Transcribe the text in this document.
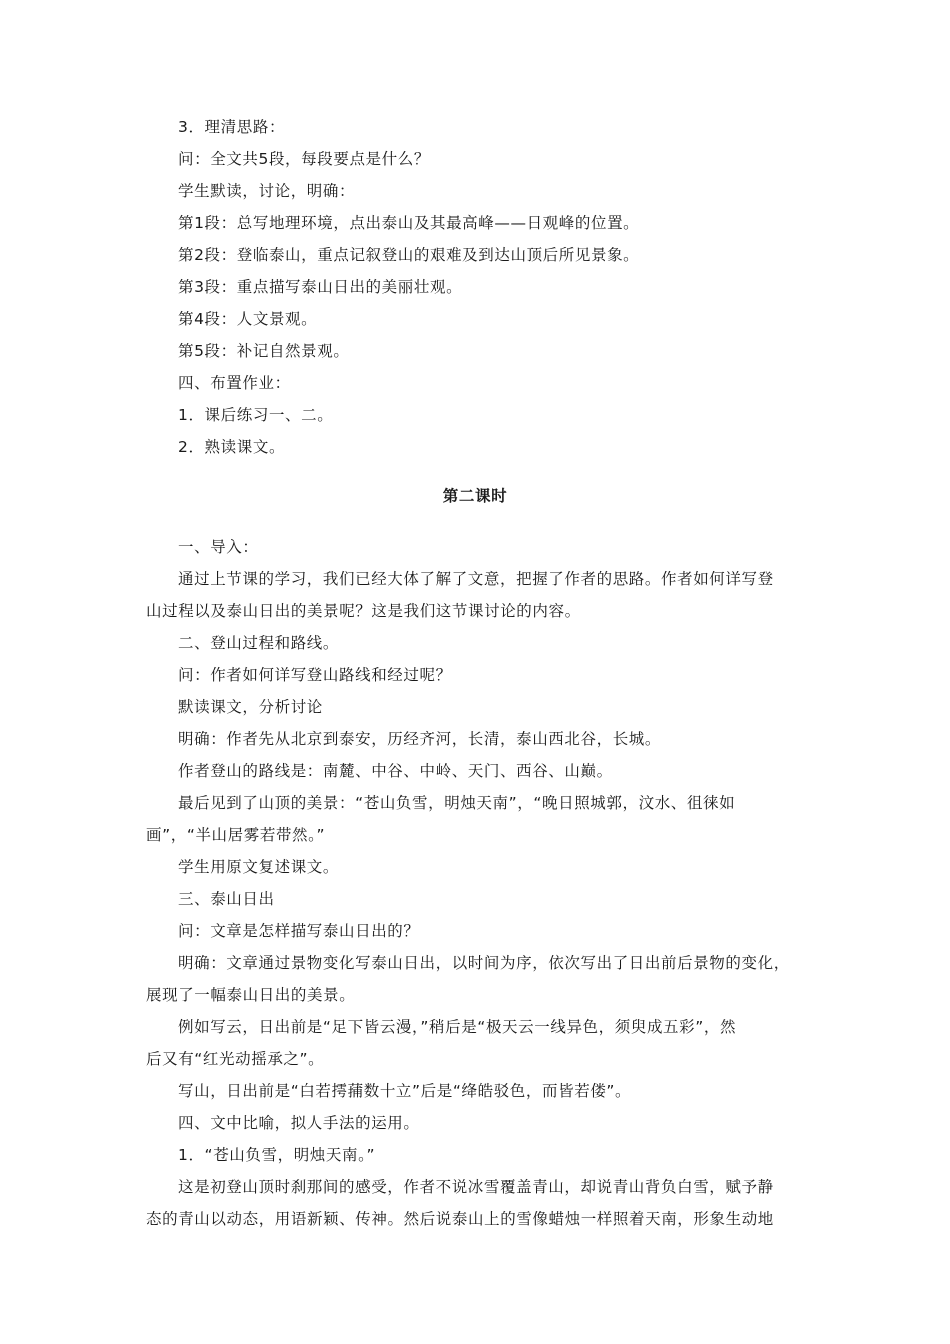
3．理清思路：
问：全文共5段，每段要点是什么？
学生默读，讨论，明确：
第1段：总写地理环境，点出泰山及其最高峰——日观峰的位置。
第2段：登临泰山，重点记叙登山的艰难及到达山顶后所见景象。
第3段：重点描写泰山日出的美丽壮观。
第4段：人文景观。
第5段：补记自然景观。
四、布置作业：
1．课后练习一、二。
2．熟读课文。
第二课时
一、导入：
通过上节课的学习，我们已经大体了解了文意，把握了作者的思路。作者如何详写登
山过程以及泰山日出的美景呢？这是我们这节课讨论的内容。
二、登山过程和路线。
问：作者如何详写登山路线和经过呢？
默读课文，分析讨论
明确：作者先从北京到泰安，历经齐河，长清，泰山西北谷，长城。
作者登山的路线是：南麓、中谷、中岭、天门、西谷、山巅。
最后见到了山顶的美景：“苍山负雪，明烛天南”，“晚日照城郭，汶水、徂徕如
画”，“半山居雾若带然。”
学生用原文复述课文。
三、泰山日出
问：文章是怎样描写泰山日出的？
明确：文章通过景物变化写泰山日出，以时间为序，依次写出了日出前后景物的变化，
展现了一幅泰山日出的美景。
例如写云，日出前是“足下皆云漫，”稍后是“极天云一线异色，须臾成五彩”，然
后又有“红光动摇承之”。
写山，日出前是“白若摴蒱数十立”后是“绛皓驳色，而皆若偻”。
四、文中比喻，拟人手法的运用。
1．“苍山负雪，明烛天南。”
这是初登山顶时刹那间的感受，作者不说冰雪覆盖青山，却说青山背负白雪，赋予静
态的青山以动态，用语新颖、传神。然后说泰山上的雪像蜡烛一样照着天南，形象生动地
